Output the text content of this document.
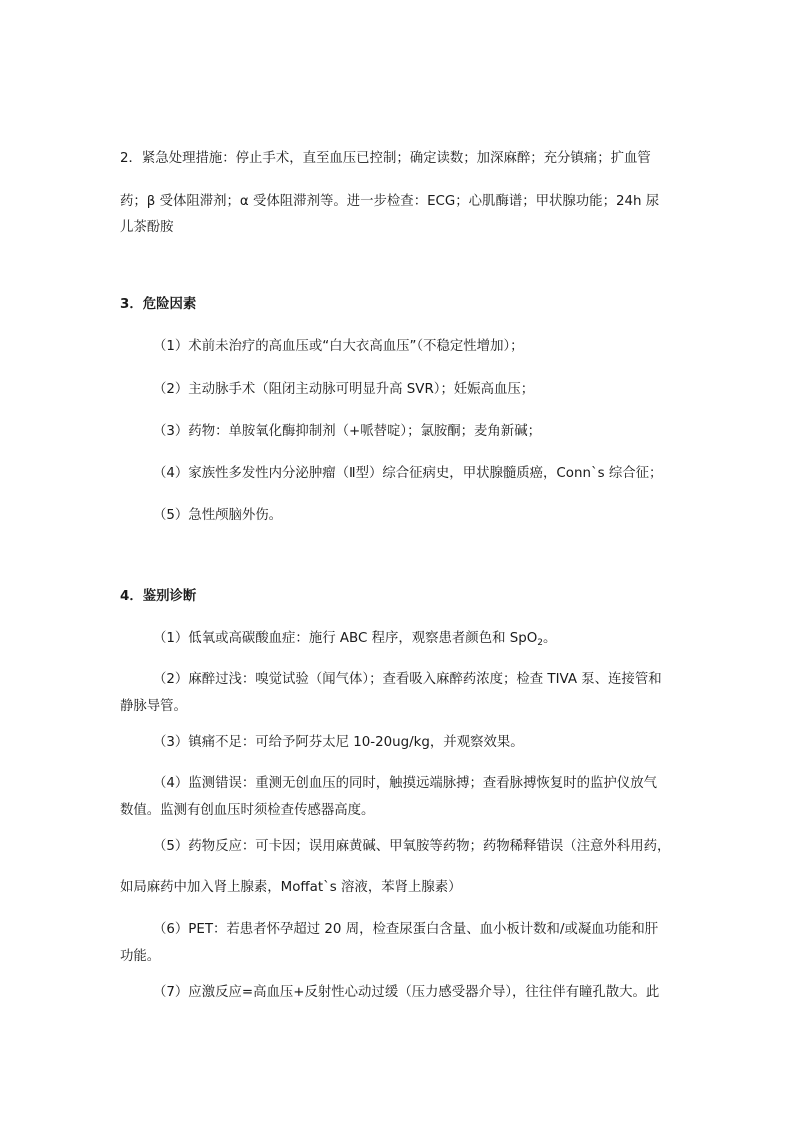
2．紧急处理措施：停止手术，直至血压已控制；确定读数；加深麻醉；充分镇痛；扩血管
药；β 受体阻滞剂；α 受体阻滞剂等。进一步检查：ECG；心肌酶谱；甲状腺功能；24h 尿
儿茶酚胺
3．危险因素
（1）术前未治疗的高血压或“白大衣高血压”（不稳定性增加）；
（2）主动脉手术（阻闭主动脉可明显升高 SVR）；妊娠高血压；
（3）药物：单胺氧化酶抑制剂（+哌替啶）；氯胺酮；麦角新碱；
（4）家族性多发性内分泌肿瘤（Ⅱ型）综合征病史，甲状腺髓质癌，Conn`s 综合征；
（5）急性颅脑外伤。
4．鉴别诊断
（1）低氧或高碳酸血症：施行 ABC 程序，观察患者颜色和 SpO$_2$。
（2）麻醉过浅：嗅觉试验（闻气体）；查看吸入麻醉药浓度；检查 TIVA 泵、连接管和
静脉导管。
（3）镇痛不足：可给予阿芬太尼 10-20ug/kg，并观察效果。
（4）监测错误：重测无创血压的同时，触摸远端脉搏；查看脉搏恢复时的监护仪放气
数值。监测有创血压时须检查传感器高度。
（5）药物反应：可卡因；误用麻黄碱、甲氧胺等药物；药物稀释错误（注意外科用药，
如局麻药中加入肾上腺素，Moffat`s 溶液，苯肾上腺素）
（6）PET：若患者怀孕超过 20 周，检查尿蛋白含量、血小板计数和/或凝血功能和肝
功能。
（7）应激反应=高血压+反射性心动过缓（压力感受器介导），往往伴有瞳孔散大。此
